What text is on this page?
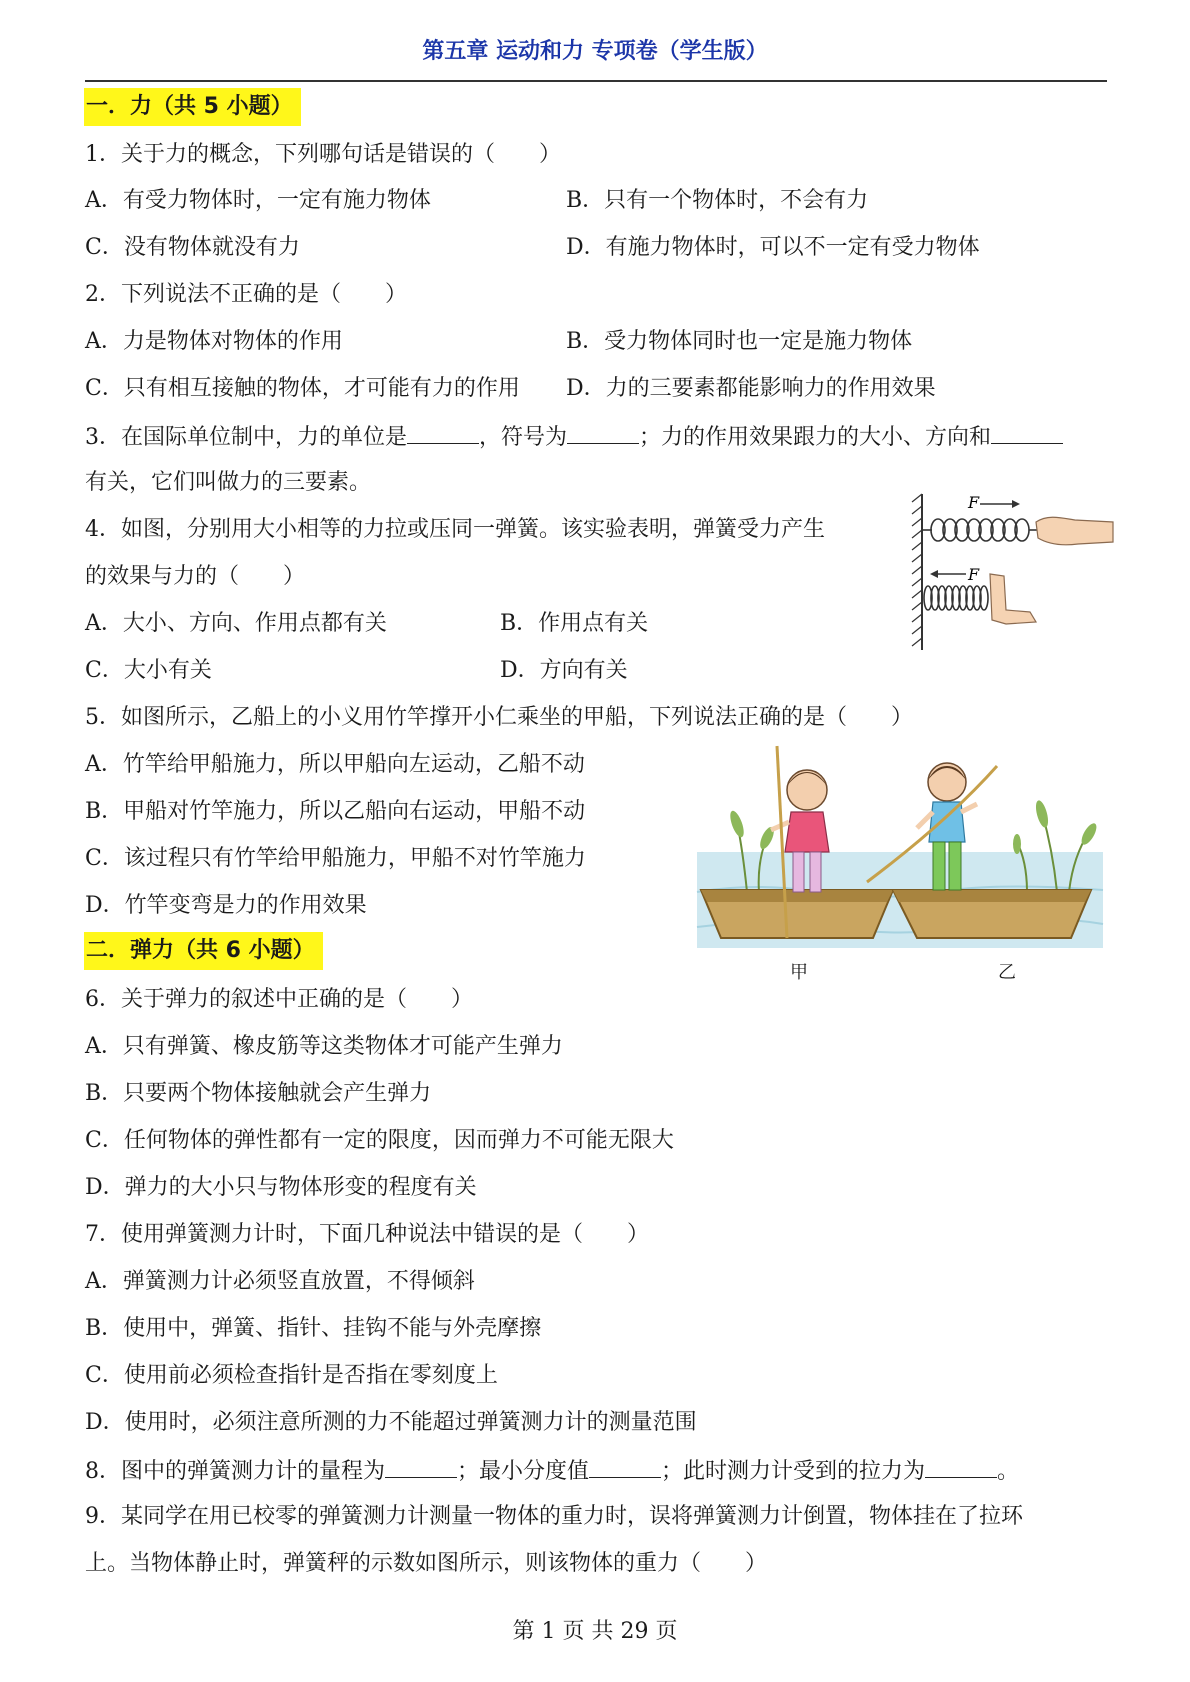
第五章 运动和力 专项卷（学生版）
一．力（共 5 小题）
1．关于力的概念，下列哪句话是错误的（　　）
A．有受力物体时，一定有施力物体	B．只有一个物体时，不会有力
C．没有物体就没有力	D．有施力物体时，可以不一定有受力物体
2．下列说法不正确的是（　　）
A．力是物体对物体的作用	B．受力物体同时也一定是施力物体
C．只有相互接触的物体，才可能有力的作用 D．力的三要素都能影响力的作用效果
3．在国际单位制中，力的单位是	，符号为	；力的作用效果跟力的大小、方向和
有关，它们叫做力的三要素。
4．如图，分别用大小相等的力拉或压同一弹簧。该实验表明，弹簧受力产生
的效果与力的（　　）
A．大小、方向、作用点都有关	B．作用点有关
C．大小有关	D．方向有关
F
F
5．如图所示，乙船上的小义用竹竿撑开小仁乘坐的甲船，下列说法正确的是（　　）
A．竹竿给甲船施力，所以甲船向左运动，乙船不动
B．甲船对竹竿施力，所以乙船向右运动，甲船不动
C．该过程只有竹竿给甲船施力，甲船不对竹竿施力
D．竹竿变弯是力的作用效果
甲	乙
二．弹力（共 6 小题）
6．关于弹力的叙述中正确的是（　　）
A．只有弹簧、橡皮筋等这类物体才可能产生弹力
B．只要两个物体接触就会产生弹力
C．任何物体的弹性都有一定的限度，因而弹力不可能无限大
D．弹力的大小只与物体形变的程度有关
7．使用弹簧测力计时，下面几种说法中错误的是（　　）
A．弹簧测力计必须竖直放置，不得倾斜
B．使用中，弹簧、指针、挂钩不能与外壳摩擦
C．使用前必须检查指针是否指在零刻度上
D．使用时，必须注意所测的力不能超过弹簧测力计的测量范围
8．图中的弹簧测力计的量程为	；最小分度值	；此时测力计受到的拉力为	。
9．某同学在用已校零的弹簧测力计测量一物体的重力时，误将弹簧测力计倒置，物体挂在了拉环
上。当物体静止时，弹簧秤的示数如图所示，则该物体的重力（　　）
第 1 页 共 29 页
